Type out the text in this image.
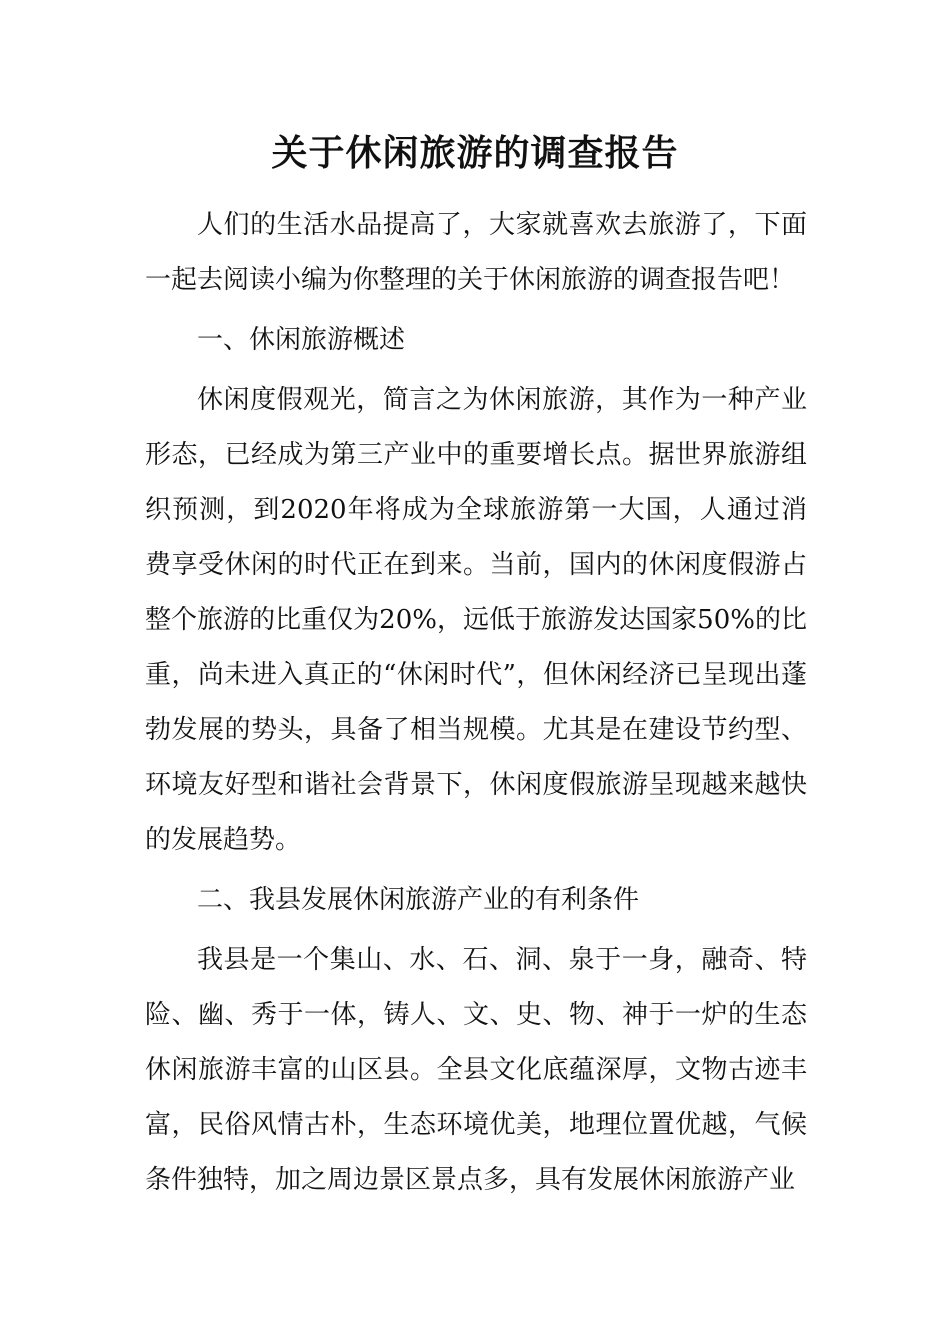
关于休闲旅游的调查报告

人们的生活水品提高了，大家就喜欢去旅游了，下面一起去阅读小编为你整理的关于休闲旅游的调查报告吧！

一、休闲旅游概述

休闲度假观光，简言之为休闲旅游，其作为一种产业形态，已经成为第三产业中的重要增长点。据世界旅游组织预测，到2020年将成为全球旅游第一大国，人通过消费享受休闲的时代正在到来。当前，国内的休闲度假游占整个旅游的比重仅为20%，远低于旅游发达国家50%的比重，尚未进入真正的“休闲时代”，但休闲经济已呈现出蓬勃发展的势头，具备了相当规模。尤其是在建设节约型、环境友好型和谐社会背景下，休闲度假旅游呈现越来越快的发展趋势。

二、我县发展休闲旅游产业的有利条件

我县是一个集山、水、石、洞、泉于一身，融奇、特险、幽、秀于一体，铸人、文、史、物、神于一炉的生态休闲旅游丰富的山区县。全县文化底蕴深厚，文物古迹丰富，民俗风情古朴，生态环境优美，地理位置优越，气候条件独特，加之周边景区景点多，具有发展休闲旅游产业
